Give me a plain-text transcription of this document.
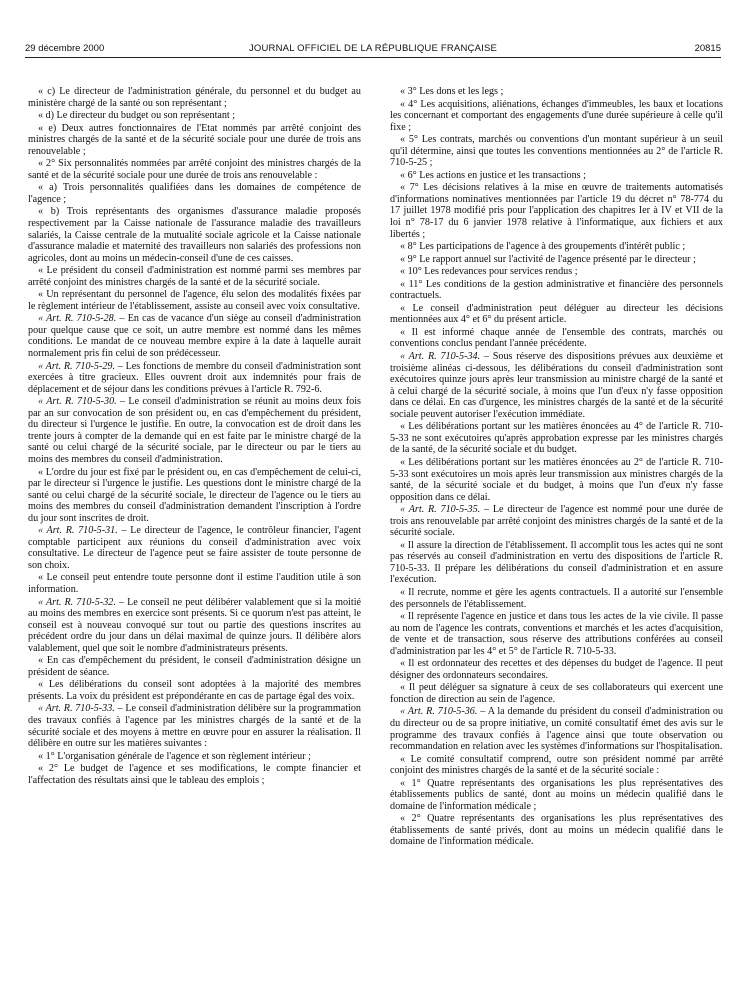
29 décembre 2000	JOURNAL OFFICIEL DE LA RÉPUBLIQUE FRANÇAISE	20815

« c) Le directeur de l'administration générale, du personnel et du budget au ministère chargé de la santé ou son représentant ;

« d) Le directeur du budget ou son représentant ;

« e) Deux autres fonctionnaires de l'Etat nommés par arrêté conjoint des ministres chargés de la santé et de la sécurité sociale pour une durée de trois ans renouvelable ;

« 2° Six personnalités nommées par arrêté conjoint des ministres chargés de la santé et de la sécurité sociale pour une durée de trois ans renouvelable :

« a) Trois personnalités qualifiées dans les domaines de compétence de l'agence ;

« b) Trois représentants des organismes d'assurance maladie proposés respectivement par la Caisse nationale de l'assurance maladie des travailleurs salariés, la Caisse centrale de la mutualité sociale agricole et la Caisse nationale d'assurance maladie et maternité des travailleurs non salariés des professions non agricoles, dont au moins un médecin-conseil d'une de ces caisses.

« Le président du conseil d'administration est nommé parmi ses membres par arrêté conjoint des ministres chargés de la santé et de la sécurité sociale.

« Un représentant du personnel de l'agence, élu selon des modalités fixées par le règlement intérieur de l'établissement, assiste au conseil avec voix consultative.

« Art. R. 710-5-28. – En cas de vacance d'un siège au conseil d'administration pour quelque cause que ce soit, un autre membre est nommé dans les mêmes conditions. Le mandat de ce nouveau membre expire à la date à laquelle aurait normalement pris fin celui de son prédécesseur.

« Art. R. 710-5-29. – Les fonctions de membre du conseil d'administration sont exercées à titre gracieux. Elles ouvrent droit aux indemnités pour frais de déplacement et de séjour dans les conditions prévues à l'article R. 792-6.

« Art. R. 710-5-30. – Le conseil d'administration se réunit au moins deux fois par an sur convocation de son président ou, en cas d'empêchement du président, du directeur si l'urgence le justifie. En outre, la convocation est de droit dans les trente jours à compter de la demande qui en est faite par le ministre chargé de la santé ou celui chargé de la sécurité sociale, par le directeur ou par le tiers au moins des membres du conseil d'administration.

« L'ordre du jour est fixé par le président ou, en cas d'empêchement de celui-ci, par le directeur si l'urgence le justifie. Les questions dont le ministre chargé de la santé ou celui chargé de la sécurité sociale, le directeur de l'agence ou le tiers au moins des membres du conseil d'administration demandent l'inscription à l'ordre du jour sont inscrites de droit.

« Art. R. 710-5-31. – Le directeur de l'agence, le contrôleur financier, l'agent comptable participent aux réunions du conseil d'administration avec voix consultative. Le directeur de l'agence peut se faire assister de toute personne de son choix.

« Le conseil peut entendre toute personne dont il estime l'audition utile à son information.

« Art. R. 710-5-32. – Le conseil ne peut délibérer valablement que si la moitié au moins des membres en exercice sont présents. Si ce quorum n'est pas atteint, le conseil est à nouveau convoqué sur tout ou partie des questions inscrites au précédent ordre du jour dans un délai maximal de quinze jours. Il délibère alors valablement, quel que soit le nombre d'administrateurs présents.

« En cas d'empêchement du président, le conseil d'administration désigne un président de séance.

« Les délibérations du conseil sont adoptées à la majorité des membres présents. La voix du président est prépondérante en cas de partage égal des voix.

« Art. R. 710-5-33. – Le conseil d'administration délibère sur la programmation des travaux confiés à l'agence par les ministres chargés de la santé et de la sécurité sociale et des moyens à mettre en œuvre pour en assurer la réalisation. Il délibère en outre sur les matières suivantes :

« 1° L'organisation générale de l'agence et son règlement intérieur ;

« 2° Le budget de l'agence et ses modifications, le compte financier et l'affectation des résultats ainsi que le tableau des emplois ;

« 3° Les dons et les legs ;

« 4° Les acquisitions, aliénations, échanges d'immeubles, les baux et locations les concernant et comportant des engagements d'une durée supérieure à celle qu'il fixe ;

« 5° Les contrats, marchés ou conventions d'un montant supérieur à un seuil qu'il détermine, ainsi que toutes les conventions mentionnées au 2° de l'article R. 710-5-25 ;

« 6° Les actions en justice et les transactions ;

« 7° Les décisions relatives à la mise en œuvre de traitements automatisés d'informations nominatives mentionnées par l'article 19 du décret n° 78-774 du 17 juillet 1978 modifié pris pour l'application des chapitres Ier à IV et VII de la loi n° 78-17 du 6 janvier 1978 relative à l'informatique, aux fichiers et aux libertés ;

« 8° Les participations de l'agence à des groupements d'intérêt public ;

« 9° Le rapport annuel sur l'activité de l'agence présenté par le directeur ;

« 10° Les redevances pour services rendus ;

« 11° Les conditions de la gestion administrative et financière des personnels contractuels.

« Le conseil d'administration peut déléguer au directeur les décisions mentionnées aux 4° et 6° du présent article.

« Il est informé chaque année de l'ensemble des contrats, marchés ou conventions conclus pendant l'année précédente.

« Art. R. 710-5-34. – Sous réserve des dispositions prévues aux deuxième et troisième alinéas ci-dessous, les délibérations du conseil d'administration sont exécutoires quinze jours après leur transmission au ministre chargé de la santé et à celui chargé de la sécurité sociale, à moins que l'un d'eux n'y fasse opposition dans ce délai. En cas d'urgence, les ministres chargés de la santé et de la sécurité sociale peuvent autoriser l'exécution immédiate.

« Les délibérations portant sur les matières énoncées au 4° de l'article R. 710-5-33 ne sont exécutoires qu'après approbation expresse par les ministres chargés de la santé, de la sécurité sociale et du budget.

« Les délibérations portant sur les matières énoncées au 2° de l'article R. 710-5-33 sont exécutoires un mois après leur transmission aux ministres chargés de la santé, de la sécurité sociale et du budget, à moins que l'un d'eux n'y fasse opposition dans ce délai.

« Art. R. 710-5-35. – Le directeur de l'agence est nommé pour une durée de trois ans renouvelable par arrêté conjoint des ministres chargés de la santé et de la sécurité sociale.

« Il assure la direction de l'établissement. Il accomplit tous les actes qui ne sont pas réservés au conseil d'administration en vertu des dispositions de l'article R. 710-5-33. Il prépare les délibérations du conseil d'administration et en assure l'exécution.

« Il recrute, nomme et gère les agents contractuels. Il a autorité sur l'ensemble des personnels de l'établissement.

« Il représente l'agence en justice et dans tous les actes de la vie civile. Il passe au nom de l'agence les contrats, conventions et marchés et les actes d'acquisition, de vente et de transaction, sous réserve des attributions conférées au conseil d'administration par les 4° et 5° de l'article R. 710-5-33.

« Il est ordonnateur des recettes et des dépenses du budget de l'agence. Il peut désigner des ordonnateurs secondaires.

« Il peut déléguer sa signature à ceux de ses collaborateurs qui exercent une fonction de direction au sein de l'agence.

« Art. R. 710-5-36. – A la demande du président du conseil d'administration ou du directeur ou de sa propre initiative, un comité consultatif émet des avis sur le programme des travaux confiés à l'agence ainsi que toute observation ou recommandation en relation avec les systèmes d'informations sur l'hospitalisation.

« Le comité consultatif comprend, outre son président nommé par arrêté conjoint des ministres chargés de la santé et de la sécurité sociale :

« 1° Quatre représentants des organisations les plus représentatives des établissements publics de santé, dont au moins un médecin qualifié dans le domaine de l'information médicale ;

« 2° Quatre représentants des organisations les plus représentatives des établissements de santé privés, dont au moins un médecin qualifié dans le domaine de l'information médicale.
